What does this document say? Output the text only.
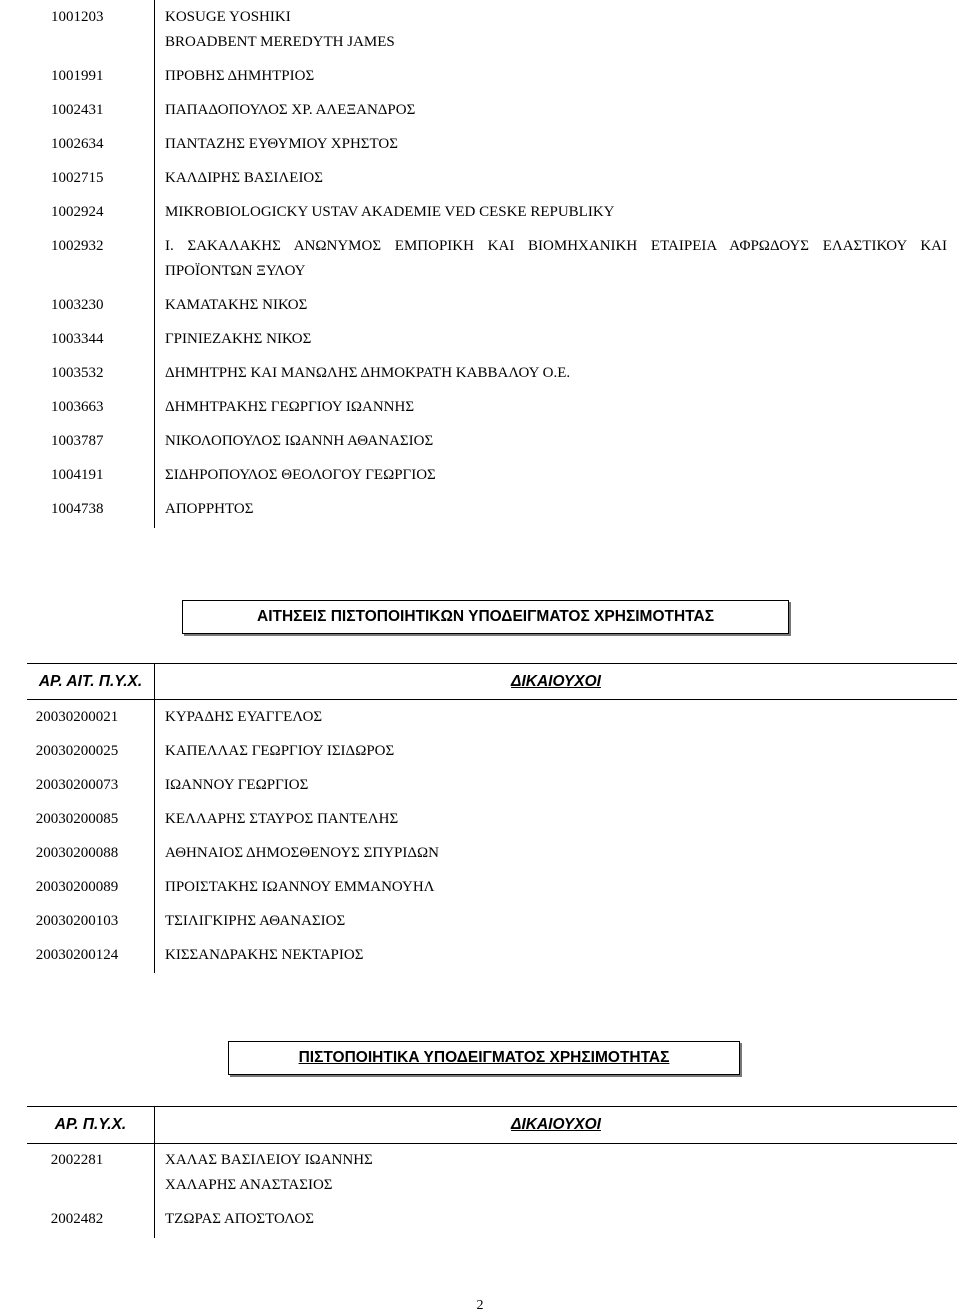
1001203	KOSUGE YOSHIKI
BROADBENT MEREDYTH JAMES
1001991	ΠΡΟΒΗΣ ΔΗΜΗΤΡΙΟΣ
1002431	ΠΑΠΑΔΟΠΟΥΛΟΣ ΧΡ. ΑΛΕΞΑΝΔΡΟΣ
1002634	ΠΑΝΤΑΖΗΣ ΕΥΘΥΜΙΟΥ ΧΡΗΣΤΟΣ
1002715	ΚΑΛΔΙΡΗΣ ΒΑΣΙΛΕΙΟΣ
1002924	MIKROBIOLOGICKY USTAV AKADEMIE VED CESKE REPUBLIKY
1002932	Ι. ΣΑΚΑΛΑΚΗΣ ΑΝΩΝΥΜΟΣ ΕΜΠΟΡΙΚΗ ΚΑΙ ΒΙΟΜΗΧΑΝΙΚΗ ΕΤΑΙΡΕΙΑ ΑΦΡΩΔΟΥΣ ΕΛΑΣΤΙΚΟΥ ΚΑΙ
ΠΡΟΪΟΝΤΩΝ ΞΥΛΟΥ
1003230	ΚΑΜΑΤΑΚΗΣ ΝΙΚΟΣ
1003344	ΓΡΙΝΙΕΖΑΚΗΣ ΝΙΚΟΣ
1003532	ΔΗΜΗΤΡΗΣ ΚΑΙ ΜΑΝΩΛΗΣ ΔΗΜΟΚΡΑΤΗ ΚΑΒΒΑΛΟΥ Ο.Ε.
1003663	ΔΗΜΗΤΡΑΚΗΣ ΓΕΩΡΓΙΟΥ ΙΩΑΝΝΗΣ
1003787	ΝΙΚΟΛΟΠΟΥΛΟΣ ΙΩΑΝΝΗ ΑΘΑΝΑΣΙΟΣ
1004191	ΣΙΔΗΡΟΠΟΥΛΟΣ ΘΕΟΛΟΓΟΥ ΓΕΩΡΓΙΟΣ
1004738	ΑΠΟΡΡΗΤΟΣ
ΑΙΤΗΣΕΙΣ ΠΙΣΤΟΠΟΙΗΤΙΚΩΝ ΥΠΟΔΕΙΓΜΑΤΟΣ ΧΡΗΣΙΜΟΤΗΤΑΣ
ΑΡ. ΑΙΤ. Π.Υ.Χ.	ΔΙΚΑΙΟΥΧΟΙ
20030200021	ΚΥΡΑΔΗΣ ΕΥΑΓΓΕΛΟΣ
20030200025	ΚΑΠΕΛΛΑΣ ΓΕΩΡΓΙΟΥ ΙΣΙΔΩΡΟΣ
20030200073	ΙΩΑΝΝΟΥ ΓΕΩΡΓΙΟΣ
20030200085	ΚΕΛΛΑΡΗΣ ΣΤΑΥΡΟΣ ΠΑΝΤΕΛΗΣ
20030200088	ΑΘΗΝΑΙΟΣ ΔΗΜΟΣΘΕΝΟΥΣ ΣΠΥΡΙΔΩΝ
20030200089	ΠΡΟΙΣΤΑΚΗΣ ΙΩΑΝΝΟΥ ΕΜΜΑΝΟΥΗΛ
20030200103	ΤΣΙΛΙΓΚΙΡΗΣ ΑΘΑΝΑΣΙΟΣ
20030200124	ΚΙΣΣΑΝΔΡΑΚΗΣ ΝΕΚΤΑΡΙΟΣ
ΠΙΣΤΟΠΟΙΗΤΙΚΑ ΥΠΟΔΕΙΓΜΑΤΟΣ ΧΡΗΣΙΜΟΤΗΤΑΣ
ΑΡ. Π.Υ.Χ.	ΔΙΚΑΙΟΥΧΟΙ
2002281	ΧΑΛΑΣ ΒΑΣΙΛΕΙΟΥ ΙΩΑΝΝΗΣ
ΧΑΛΑΡΗΣ ΑΝΑΣΤΑΣΙΟΣ
2002482	ΤΖΩΡΑΣ ΑΠΟΣΤΟΛΟΣ
2
